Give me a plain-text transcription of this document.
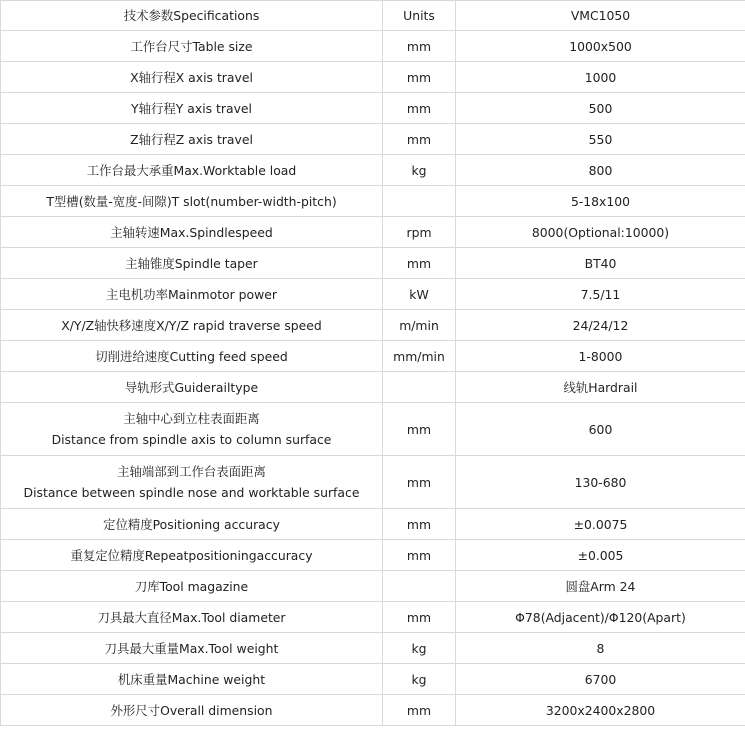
技术参数Specifications	Units	VMC1050
工作台尺寸Table size	mm	1000x500
X轴行程X axis travel	mm	1000
Y轴行程Y axis travel	mm	500
Z轴行程Z axis travel	mm	550
工作台最大承重Max.Worktable load	kg	800
T型槽(数量-宽度-间隙)T slot(number-width-pitch)		5-18x100
主轴转速Max.Spindlespeed	rpm	8000(Optional:10000)
主轴锥度Spindle taper	mm	BT40
主电机功率Mainmotor power	kW	7.5/11
X/Y/Z轴快移速度X/Y/Z rapid traverse speed	m/min	24/24/12
切削进给速度Cutting feed speed	mm/min	1-8000
导轨形式Guiderailtype		线轨Hardrail

主轴中心到立柱表面距离
Distance from spindle axis to column surface	mm	600

主轴端部到工作台表面距离
Distance between spindle nose and worktable surface	mm	130-680
定位精度Positioning accuracy	mm	±0.0075
重复定位精度Repeatpositioningaccuracy	mm	±0.005
刀库Tool magazine		圆盘Arm 24
刀具最大直径Max.Tool diameter	mm	Φ78(Adjacent)/Φ120(Apart)
刀具最大重量Max.Tool weight	kg	8
机床重量Machine weight	kg	6700
外形尺寸Overall dimension	mm	3200x2400x2800
